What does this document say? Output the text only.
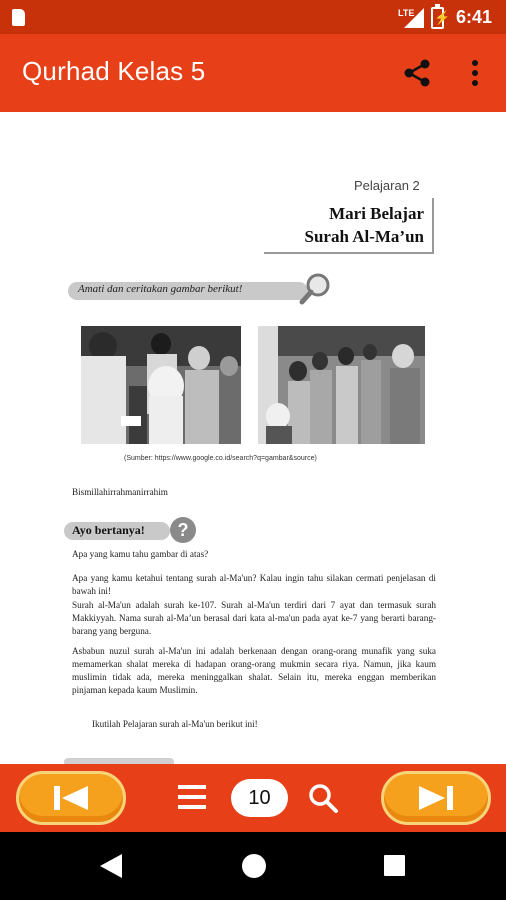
LTE ⚡ 6:41
Qurhad Kelas 5
Pelajaran 2
Mari Belajar
Surah Al-Ma’un
Amati dan ceritakan gambar berikut!
(Sumber: https://www.google.co.id/search?q=gambar&source)
Bismillahirrahmanirrahim
Ayo bertanya!	?
Apa yang kamu tahu gambar di atas?
Apa yang kamu ketahui tentang surah al-Ma'un? Kalau ingin tahu silakan cermati penjelasan di bawah ini!
Surah al-Ma'un adalah surah ke-107. Surah al-Ma'un terdiri dari 7 ayat dan termasuk surah Makkiyyah. Nama surah al-Ma’un berasal dari kata al-ma'un pada ayat ke-7 yang berarti barang-barang yang berguna.
Asbabun nuzul surah al-Ma'un ini adalah berkenaan dengan orang-orang munafik yang suka memamerkan shalat mereka di hadapan orang-orang mukmin secara riya. Namun, jika kaum muslimin tidak ada, mereka meninggalkan shalat. Selain itu, mereka enggan memberikan pinjaman kepada kaum Muslimin.
Ikutilah Pelajaran surah al-Ma'un berikut ini!
10
